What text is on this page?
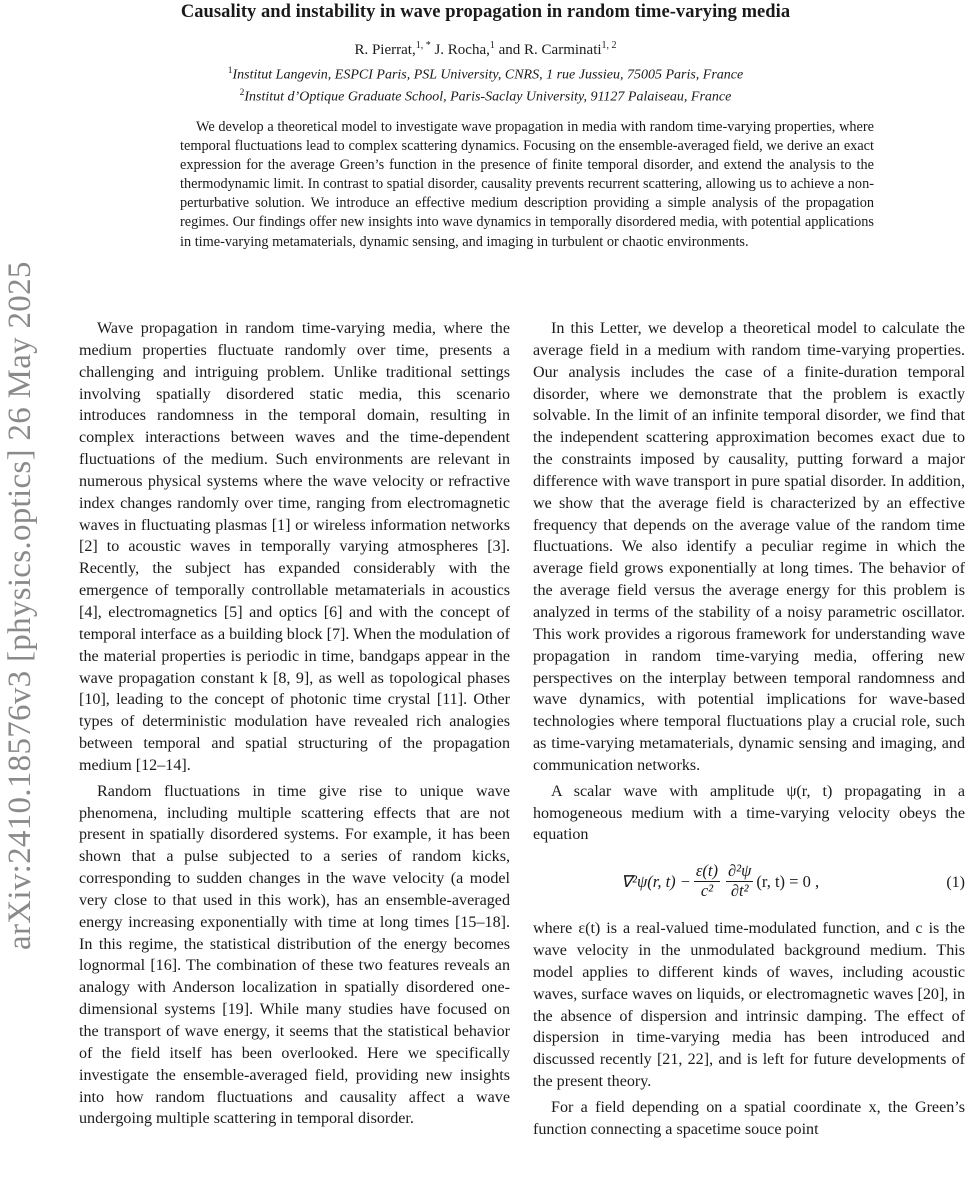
Causality and instability in wave propagation in random time-varying media
R. Pierrat,$^{1, *}$ J. Rocha,$^1$ and R. Carminati$^{1, 2}$
$^1$Institut Langevin, ESPCI Paris, PSL University, CNRS, 1 rue Jussieu, 75005 Paris, France
$^2$Institut d’Optique Graduate School, Paris-Saclay University, 91127 Palaiseau, France
We develop a theoretical model to investigate wave propagation in media with random time-varying properties, where temporal fluctuations lead to complex scattering dynamics. Focusing on the ensemble-averaged field, we derive an exact expression for the average Green’s function in the presence of finite temporal disorder, and extend the analysis to the thermodynamic limit. In contrast to spatial disorder, causality prevents recurrent scattering, allowing us to achieve a non-perturbative solution. We introduce an effective medium description providing a simple analysis of the propagation regimes. Our findings offer new insights into wave dynamics in temporally disordered media, with potential applications in time-varying metamaterials, dynamic sensing, and imaging in turbulent or chaotic environments.
arXiv:2410.18576v3 [physics.optics] 26 May 2025	Wave propagation in random time-varying media, where the medium properties fluctuate randomly over time, presents a challenging and intriguing problem. Unlike traditional settings involving spatially disordered static media, this scenario introduces randomness in the temporal domain, resulting in complex interactions between waves and the time-dependent fluctuations of the medium. Such environments are relevant in numerous physical systems where the wave velocity or refractive index changes randomly over time, ranging from electromagnetic waves in fluctuating plasmas [1] or wireless information networks [2] to acoustic waves in temporally varying atmospheres [3]. Recently, the subject has expanded considerably with the emergence of temporally controllable metamaterials in acoustics [4], electromagnetics [5] and optics [6] and with the concept of temporal interface as a building block [7]. When the modulation of the material properties is periodic in time, bandgaps appear in the wave propagation constant k [8, 9], as well as topological phases [10], leading to the concept of photonic time crystal [11]. Other types of deterministic modulation have revealed rich analogies between temporal and spatial structuring of the propagation medium [12–14].

Random fluctuations in time give rise to unique wave phenomena, including multiple scattering effects that are not present in spatially disordered systems. For example, it has been shown that a pulse subjected to a series of random kicks, corresponding to sudden changes in the wave velocity (a model very close to that used in this work), has an ensemble-averaged energy increasing exponentially with time at long times [15–18]. In this regime, the statistical distribution of the energy becomes lognormal [16]. The combination of these two features reveals an analogy with Anderson localization in spatially disordered one-dimensional systems [19]. While many studies have focused on the transport of wave energy, it seems that the statistical behavior of the field itself has been overlooked. Here we specifically investigate the ensemble-averaged field, providing new insights into how random fluctuations and causality affect a wave undergoing multiple scattering in temporal disorder.

In this Letter, we develop a theoretical model to calculate the average field in a medium with random time-varying properties. Our analysis includes the case of a finite-duration temporal disorder, where we demonstrate that the problem is exactly solvable. In the limit of an infinite temporal disorder, we find that the independent scattering approximation becomes exact due to the constraints imposed by causality, putting forward a major difference with wave transport in pure spatial disorder. In addition, we show that the average field is characterized by an effective frequency that depends on the average value of the random time fluctuations. We also identify a peculiar regime in which the average field grows exponentially at long times. The behavior of the average field versus the average energy for this problem is analyzed in terms of the stability of a noisy parametric oscillator. This work provides a rigorous framework for understanding wave propagation in random time-varying media, offering new perspectives on the interplay between temporal randomness and wave dynamics, with potential implications for wave-based technologies where temporal fluctuations play a crucial role, such as time-varying metamaterials, dynamic sensing and imaging, and communication networks.

A scalar wave with amplitude ψ(r, t) propagating in a homogeneous medium with a time-varying velocity obeys the equation

∇²ψ(r, $t) - \frac{\varepsilon(t)}{\text{c²}} \frac{\text{∂²ψ}}{\text{∂t²}} (r$, t) = 0 ,	(1)

where ε(t) is a real-valued time-modulated function, and c is the wave velocity in the unmodulated background medium. This model applies to different kinds of waves, including acoustic waves, surface waves on liquids, or electromagnetic waves [20], in the absence of dispersion and intrinsic damping. The effect of dispersion in time-varying media has been introduced and discussed recently [21, 22], and is left for future developments of the present theory.

For a field depending on a spatial coordinate x, the Green’s function connecting a spacetime souce point
